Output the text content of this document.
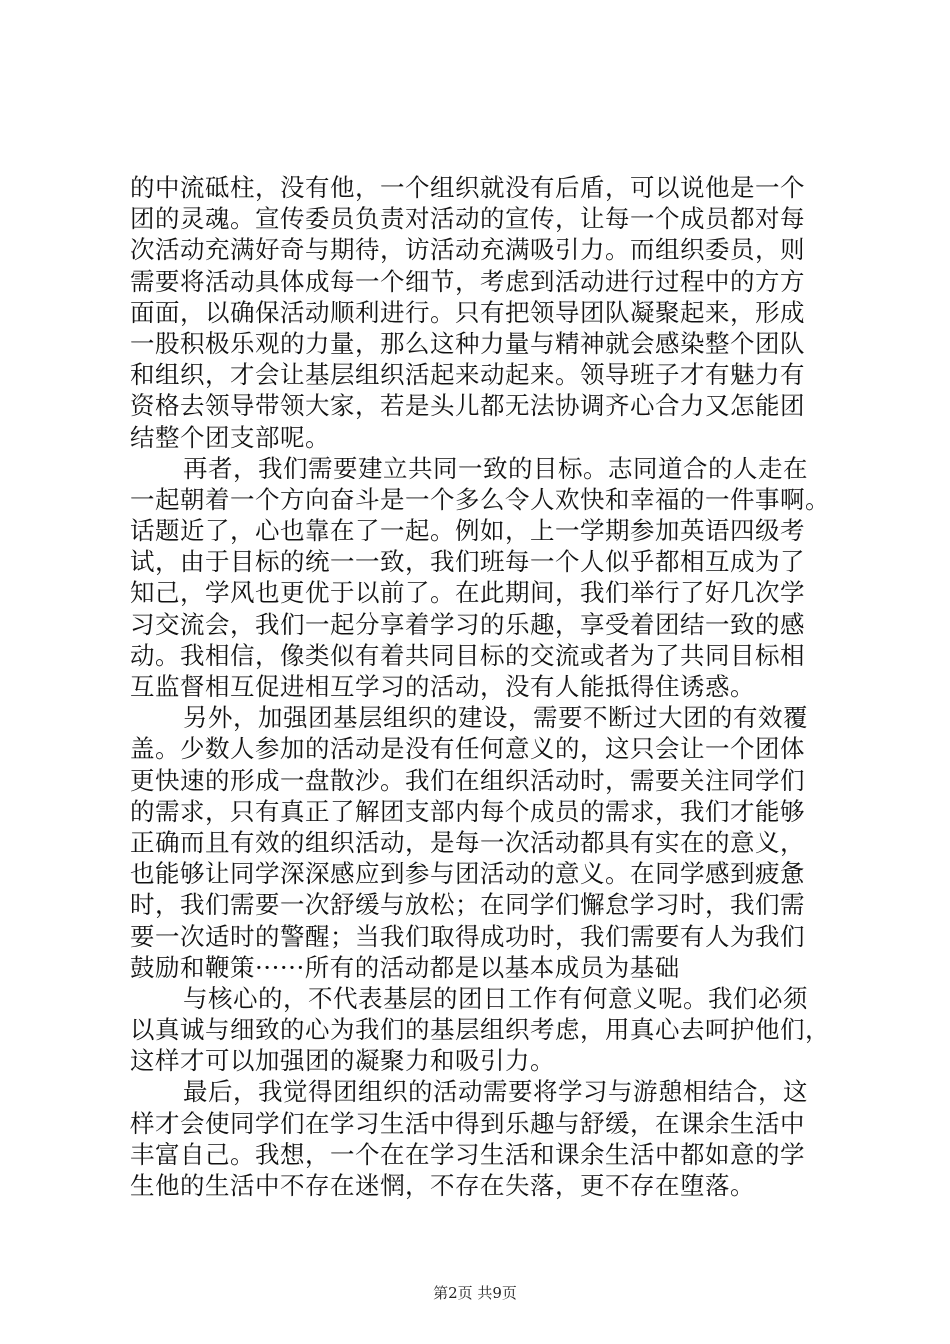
的中流砥柱，没有他，一个组织就没有后盾，可以说他是一个
团的灵魂。宣传委员负责对活动的宣传，让每一个成员都对每
次活动充满好奇与期待，访活动充满吸引力。而组织委员，则
需要将活动具体成每一个细节，考虑到活动进行过程中的方方
面面，以确保活动顺利进行。只有把领导团队凝聚起来，形成
一股积极乐观的力量，那么这种力量与精神就会感染整个团队
和组织，才会让基层组织活起来动起来。领导班子才有魅力有
资格去领导带领大家，若是头儿都无法协调齐心合力又怎能团
结整个团支部呢。
再者，我们需要建立共同一致的目标。志同道合的人走在
一起朝着一个方向奋斗是一个多么令人欢快和幸福的一件事啊。
话题近了，心也靠在了一起。例如，上一学期参加英语四级考
试，由于目标的统一一致，我们班每一个人似乎都相互成为了
知己，学风也更优于以前了。在此期间，我们举行了好几次学
习交流会，我们一起分享着学习的乐趣，享受着团结一致的感
动。我相信，像类似有着共同目标的交流或者为了共同目标相
互监督相互促进相互学习的活动，没有人能抵得住诱惑。
另外，加强团基层组织的建设，需要不断过大团的有效覆
盖。少数人参加的活动是没有任何意义的，这只会让一个团体
更快速的形成一盘散沙。我们在组织活动时，需要关注同学们
的需求，只有真正了解团支部内每个成员的需求，我们才能够
正确而且有效的组织活动，是每一次活动都具有实在的意义，
也能够让同学深深感应到参与团活动的意义。在同学感到疲惫
时，我们需要一次舒缓与放松；在同学们懈怠学习时，我们需
要一次适时的警醒；当我们取得成功时，我们需要有人为我们
鼓励和鞭策······所有的活动都是以基本成员为基础
与核心的，不代表基层的团日工作有何意义呢。我们必须
以真诚与细致的心为我们的基层组织考虑，用真心去呵护他们，
这样才可以加强团的凝聚力和吸引力。
最后，我觉得团组织的活动需要将学习与游憩相结合，这
样才会使同学们在学习生活中得到乐趣与舒缓，在课余生活中
丰富自己。我想，一个在在学习生活和课余生活中都如意的学
生他的生活中不存在迷惘，不存在失落，更不存在堕落。
第2页 共9页
